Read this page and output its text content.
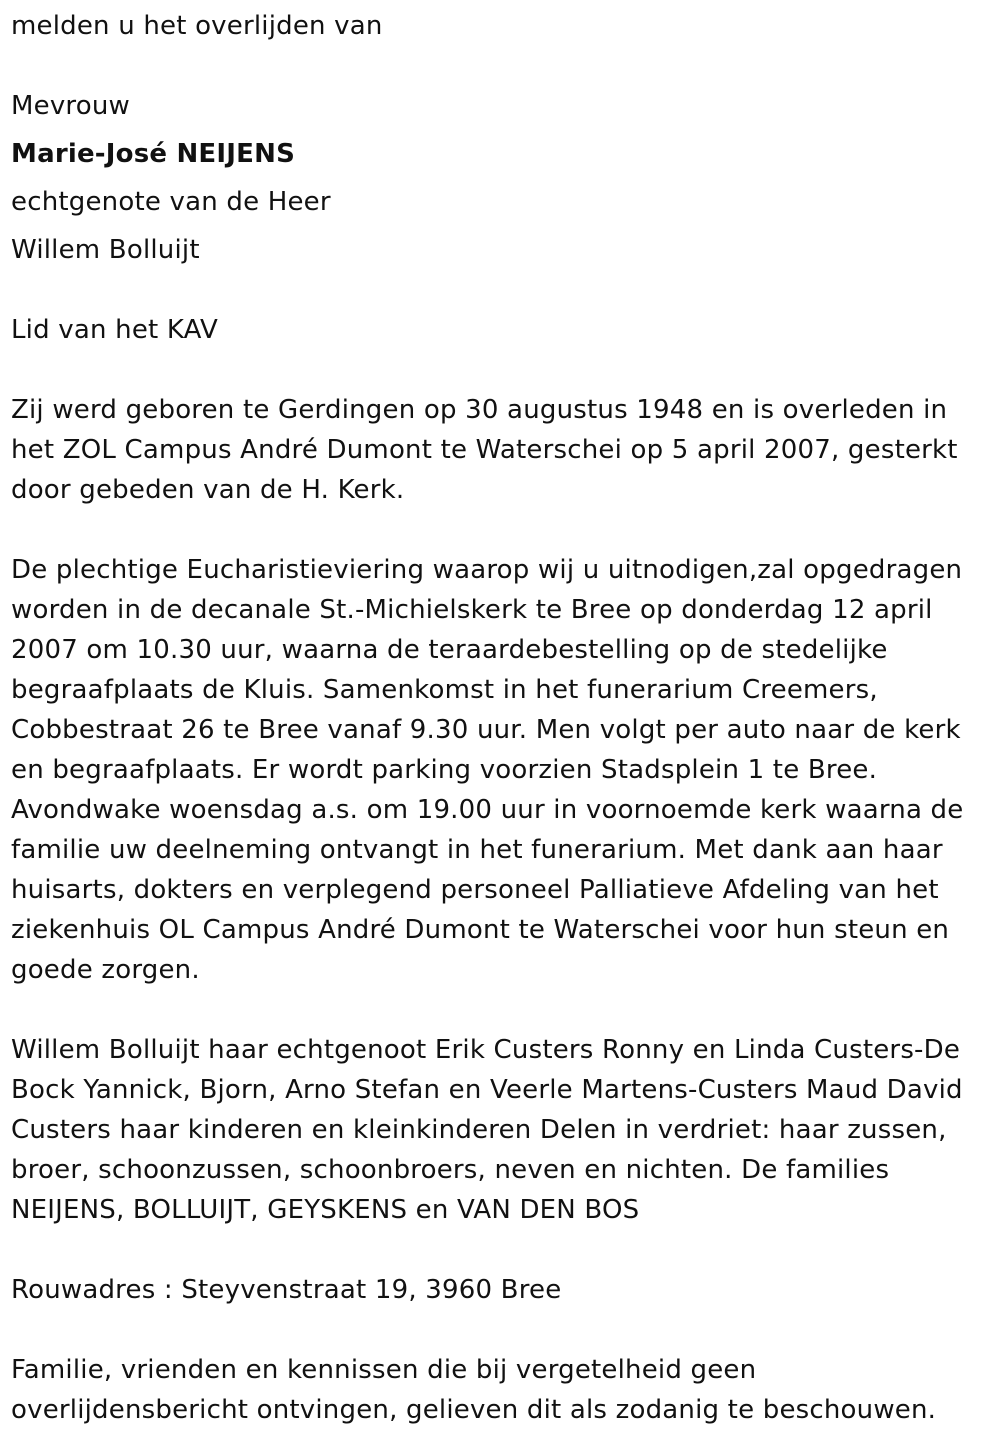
melden u het overlijden van

Mevrouw

Marie-José NEIJENS

echtgenote van de Heer

Willem Bolluijt

Lid van het KAV

Zij werd geboren te Gerdingen op 30 augustus 1948 en is overleden in
het ZOL Campus André Dumont te Waterschei op 5 april 2007, gesterkt
door gebeden van de H. Kerk.
De plechtige Eucharistieviering waarop wij u uitnodigen,zal opgedragen
worden in de decanale St.-Michielskerk te Bree op donderdag 12 april
2007 om 10.30 uur, waarna de teraardebestelling op de stedelijke
begraafplaats de Kluis. Samenkomst in het funerarium Creemers,
Cobbestraat 26 te Bree vanaf 9.30 uur. Men volgt per auto naar de kerk
en begraafplaats. Er wordt parking voorzien Stadsplein 1 te Bree.
Avondwake woensdag a.s. om 19.00 uur in voornoemde kerk waarna de
familie uw deelneming ontvangt in het funerarium. Met dank aan haar
huisarts, dokters en verplegend personeel Palliatieve Afdeling van het
ziekenhuis OL Campus André Dumont te Waterschei voor hun steun en
goede zorgen.
Willem Bolluijt haar echtgenoot Erik Custers Ronny en Linda Custers-De
Bock Yannick, Bjorn, Arno Stefan en Veerle Martens-Custers Maud David
Custers haar kinderen en kleinkinderen Delen in verdriet: haar zussen,
broer, schoonzussen, schoonbroers, neven en nichten. De families
NEIJENS, BOLLUIJT, GEYSKENS en VAN DEN BOS
Rouwadres : Steyvenstraat 19, 3960 Bree
Familie, vrienden en kennissen die bij vergetelheid geen
overlijdensbericht ontvingen, gelieven dit als zodanig te beschouwen.
